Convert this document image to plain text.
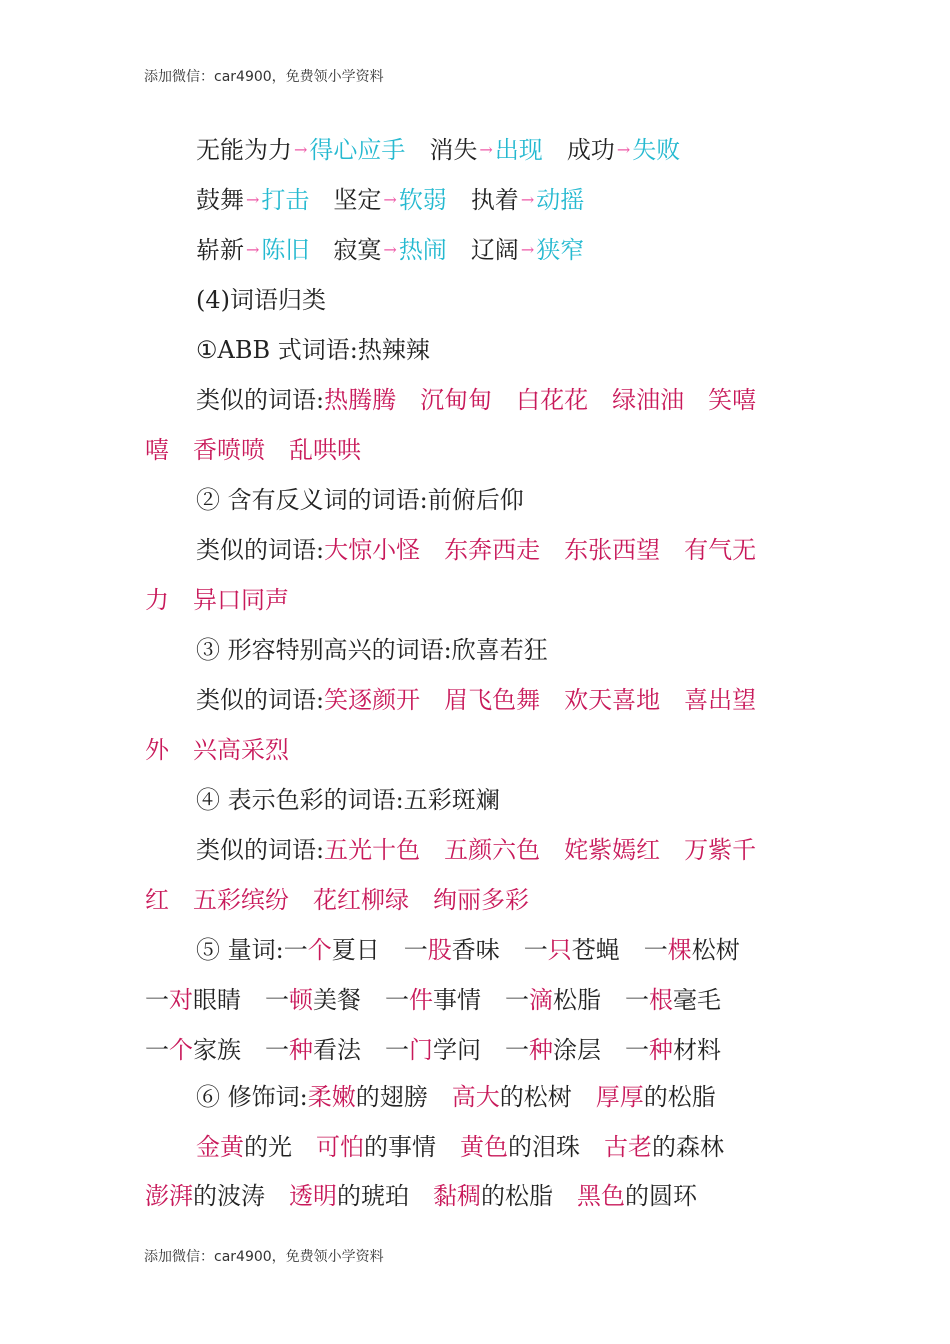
添加微信：car4900，免费领小学资料
无能为力 →得心应手 消失 →出现 成功 →失败
鼓舞 →打击 坚定 →软弱 执着 →动摇
崭新 →陈旧 寂寞 →热闹 辽阔 →狭窄
(4)词语归类
①ABB 式词语:热辣辣
类似的词语:热腾腾 沉甸甸 白花花 绿油油 笑嘻
嘻 香喷喷 乱哄哄
② 含有反义词的词语:前俯后仰
类似的词语:大惊小怪 东奔西走 东张西望 有气无
力 异口同声
③ 形容特别高兴的词语:欣喜若狂
类似的词语:笑逐颜开 眉飞色舞 欢天喜地 喜出望
外 兴高采烈
④ 表示色彩的词语:五彩斑斓
类似的词语:五光十色 五颜六色 姹紫嫣红 万紫千
红 五彩缤纷 花红柳绿 绚丽多彩
⑤ 量词:一个夏日 一股香味 一只苍蝇 一棵松树
一对眼睛 一顿美餐 一件事情 一滴松脂 一根毫毛
一个家族 一种看法 一门学问 一种涂层 一种材料
⑥ 修饰词:柔嫩的翅膀 高大的松树 厚厚的松脂
金黄的光 可怕的事情 黄色的泪珠 古老的森林
澎湃的波涛 透明的琥珀 黏稠的松脂 黑色的圆环
添加微信：car4900，免费领小学资料
